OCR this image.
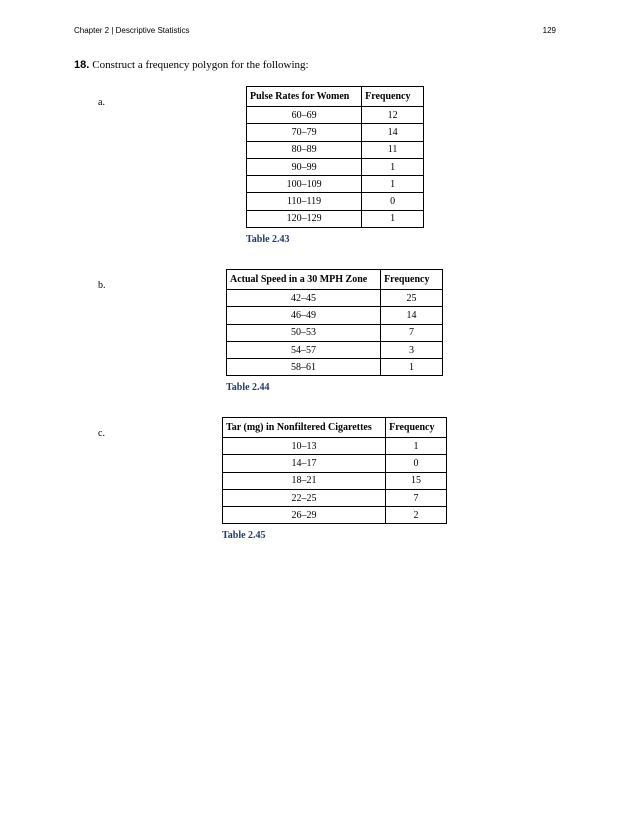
Chapter 2 | Descriptive Statistics	129
18. Construct a frequency polygon for the following:
a.
Pulse Rates for Women	Frequency
60–69	12
70–79	14
80–89	11
90–99	1
100–109	1
110–119	0
120–129	1
Table 2.43
b.
Actual Speed in a 30 MPH Zone	Frequency
42–45	25
46–49	14
50–53	7
54–57	3
58–61	1
Table 2.44
c.
Tar (mg) in Nonfiltered Cigarettes	Frequency
10–13	1
14–17	0
18–21	15
22–25	7
26–29	2
Table 2.45
